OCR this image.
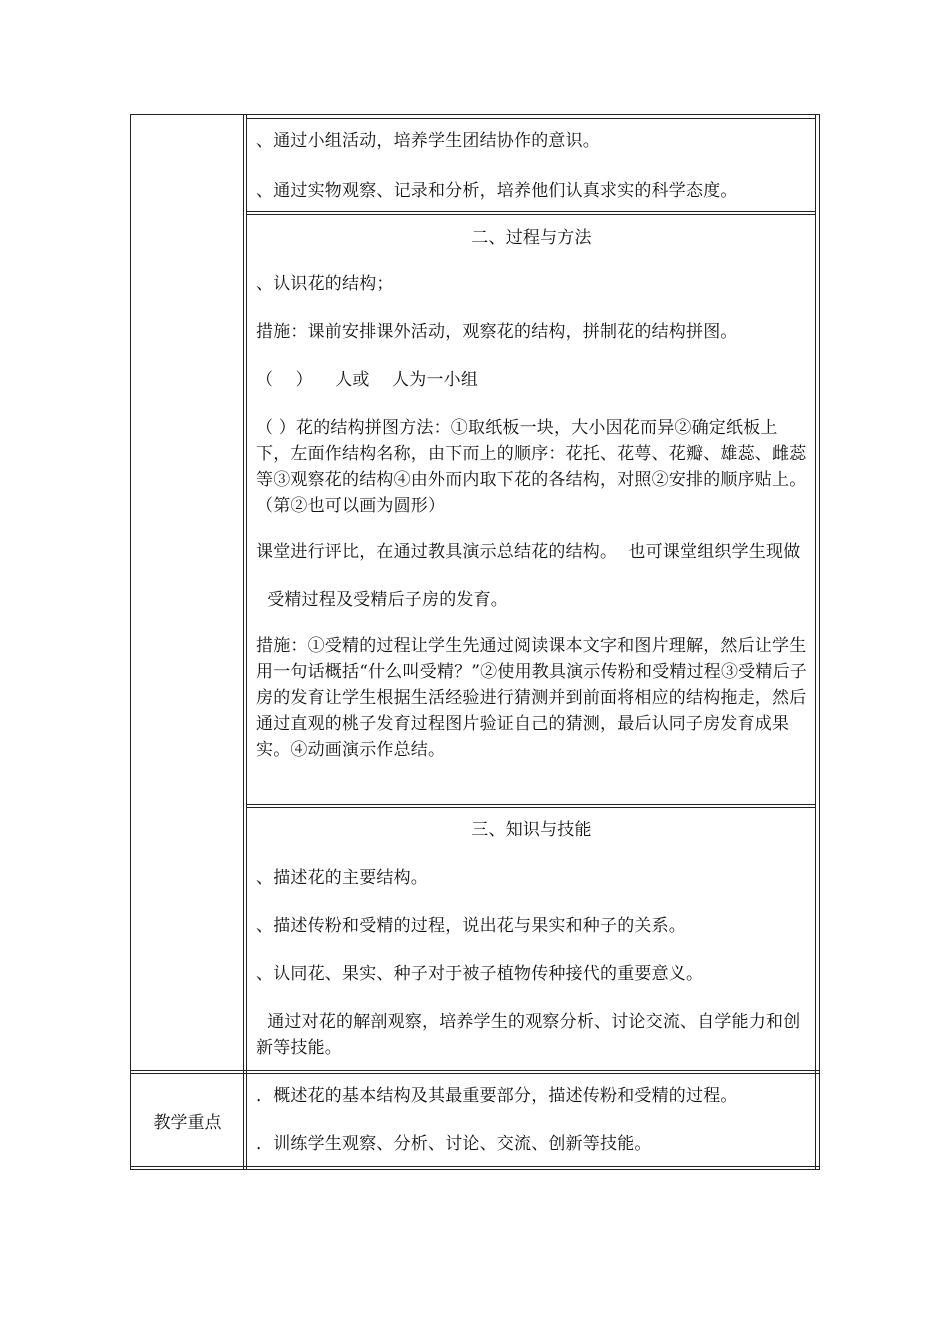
、通过小组活动，培养学生团结协作的意识。

、通过实物观察、记录和分析，培养他们认真求实的科学态度。

二、过程与方法

、认识花的结构；

措施：课前安排课外活动，观察花的结构，拼制花的结构拼图。

（    ）    人或    人为一小组

（ ）花的结构拼图方法：①取纸板一块，大小因花而异②确定纸板上下，左面作结构名称，由下而上的顺序：花托、花萼、花瓣、雄蕊、雌蕊等③观察花的结构④由外而内取下花的各结构，对照②安排的顺序贴上。（第②也可以画为圆形）

课堂进行评比，在通过教具演示总结花的结构。  也可课堂组织学生现做

受精过程及受精后子房的发育。

措施：①受精的过程让学生先通过阅读课本文字和图片理解，然后让学生用一句话概括“什么叫受精？”②使用教具演示传粉和受精过程③受精后子房的发育让学生根据生活经验进行猜测并到前面将相应的结构拖走，然后通过直观的桃子发育过程图片验证自己的猜测，最后认同子房发育成果实。④动画演示作总结。

三、知识与技能

、描述花的主要结构。

、描述传粉和受精的过程，说出花与果实和种子的关系。

、认同花、果实、种子对于被子植物传种接代的重要意义。

通过对花的解剖观察，培养学生的观察分析、讨论交流、自学能力和创新等技能。

教学重点

．概述花的基本结构及其最重要部分，描述传粉和受精的过程。

．训练学生观察、分析、讨论、交流、创新等技能。
